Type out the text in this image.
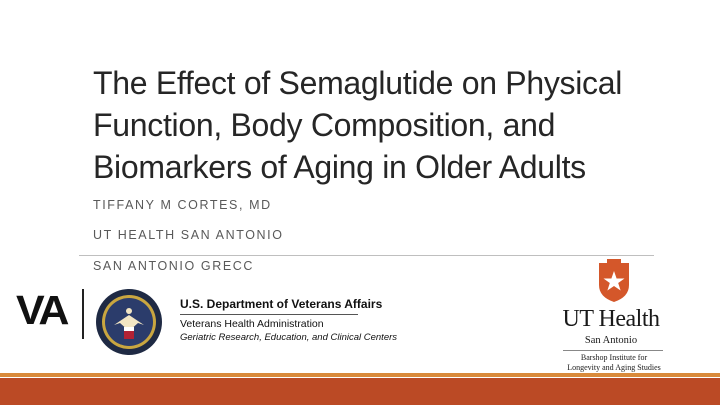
The Effect of Semaglutide on Physical
Function, Body Composition, and
Biomarkers of Aging in Older Adults
TIFFANY M CORTES, MD
UT HEALTH SAN ANTONIO
SAN ANTONIO GRECC
VA	U.S. Department of Veterans Affairs
Veterans Health Administration
Geriatric Research, Education, and Clinical Centers
UT Health
San Antonio
Barshop Institute for
Longevity and Aging Studies
